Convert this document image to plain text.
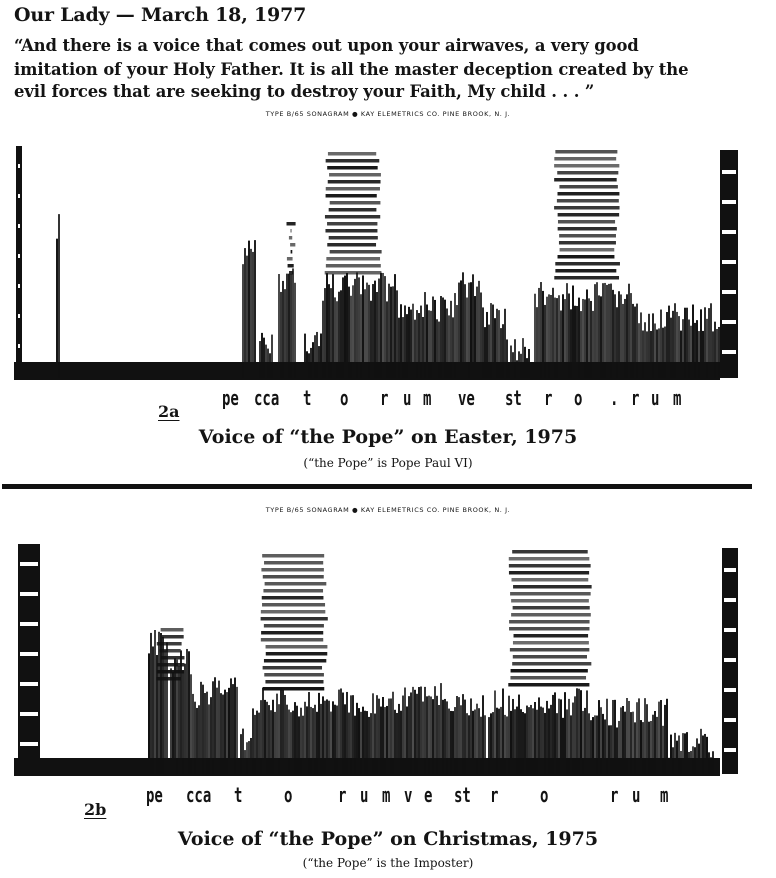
Our Lady — March 18, 1977
“And there is a voice that comes out upon your airwaves, a very good
imitation of your Holy Father. It is all the master deception created by the
evil forces that are seeking to destroy your Faith, My child . . . ”
TYPE B/65 SONAGRAM ● KAY ELEMETRICS CO. PINE BROOK, N. J.
pe cca t o r u m ve st r o . r u m
2a
Voice of “the Pope” on Easter, 1975
(“the Pope” is Pope Paul VI)
TYPE B/65 SONAGRAM ● KAY ELEMETRICS CO. PINE BROOK, N. J.
pe cca t o r u m v e st r o	r u m
2b
Voice of “the Pope” on Christmas, 1975
(“the Pope” is the Imposter)
